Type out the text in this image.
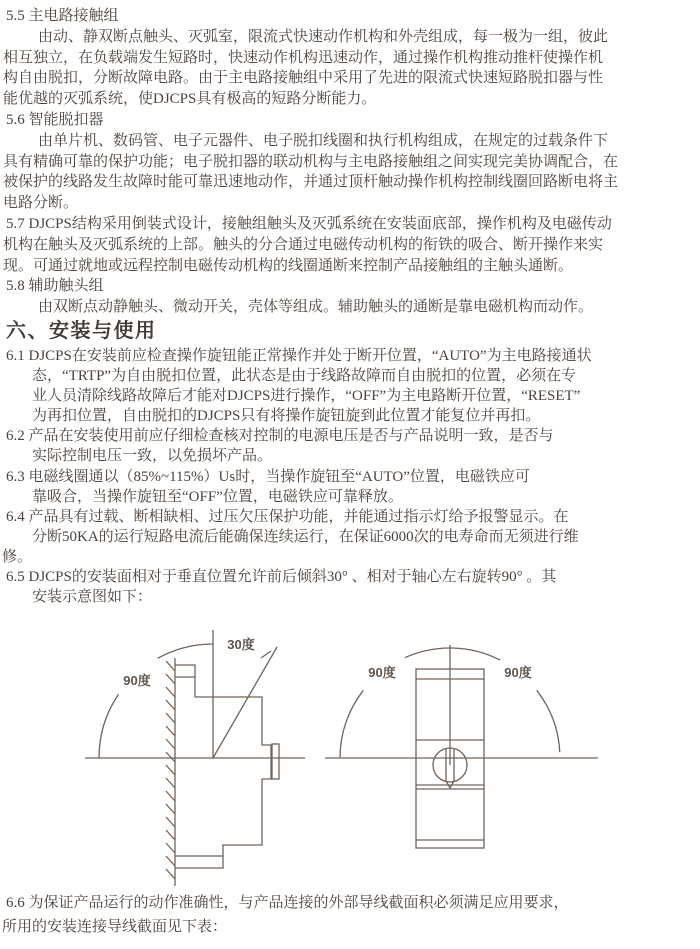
5.5 主电路接触组
由动、静双断点触头、灭弧室，限流式快速动作机构和外壳组成，每一极为一组，彼此
相互独立，在负载端发生短路时，快速动作机构迅速动作，通过操作机构推动推杆使操作机
构自由脱扣，分断故障电路。由于主电路接触组中采用了先进的限流式快速短路脱扣器与性
能优越的灭弧系统，使DJCPS具有极高的短路分断能力。
5.6 智能脱扣器
由单片机、数码管、电子元器件、电子脱扣线圈和执行机构组成，在规定的过载条件下
具有精确可靠的保护功能；电子脱扣器的联动机构与主电路接触组之间实现完美协调配合，在
被保护的线路发生故障时能可靠迅速地动作，并通过顶杆触动操作机构控制线圈回路断电将主
电路分断。
5.7 DJCPS结构采用倒装式设计，接触组触头及灭弧系统在安装面底部，操作机构及电磁传动
机构在触头及灭弧系统的上部。触头的分合通过电磁传动机构的衔铁的吸合、断开操作来实
现。可通过就地或远程控制电磁传动机构的线圈通断来控制产品接触组的主触头通断。
5.8 辅助触头组
由双断点动静触头、微动开关，壳体等组成。辅助触头的通断是靠电磁机构而动作。
六、安装与使用
6.1 DJCPS在安装前应检查操作旋钮能正常操作并处于断开位置，“AUTO”为主电路接通状
态，“TRTP”为自由脱扣位置，此状态是由于线路故障而自由脱扣的位置，必须在专
业人员清除线路故障后才能对DJCPS进行操作，“OFF”为主电路断开位置，“RESET”
为再扣位置，自由脱扣的DJCPS只有将操作旋钮旋到此位置才能复位并再扣。
6.2 产品在安装使用前应仔细检查核对控制的电源电压是否与产品说明一致，是否与
实际控制电压一致，以免损坏产品。
6.3 电磁线圈通以（85%~115%）Us时，当操作旋钮至“AUTO”位置，电磁铁应可
靠吸合，当操作旋钮至“OFF”位置，电磁铁应可靠释放。
6.4 产品具有过载、断相缺相、过压欠压保护功能，并能通过指示灯给予报警显示。在
分断50KA的运行短路电流后能确保连续运行，在保证6000次的电寿命而无须进行维
修。
6.5 DJCPS的安装面相对于垂直位置允许前后倾斜30° 、相对于轴心左右旋转90° 。其
安装示意图如下：
90度
30度
90度	90度
6.6 为保证产品运行的动作准确性，与产品连接的外部导线截面积必须满足应用要求，
所用的安装连接导线截面见下表：
